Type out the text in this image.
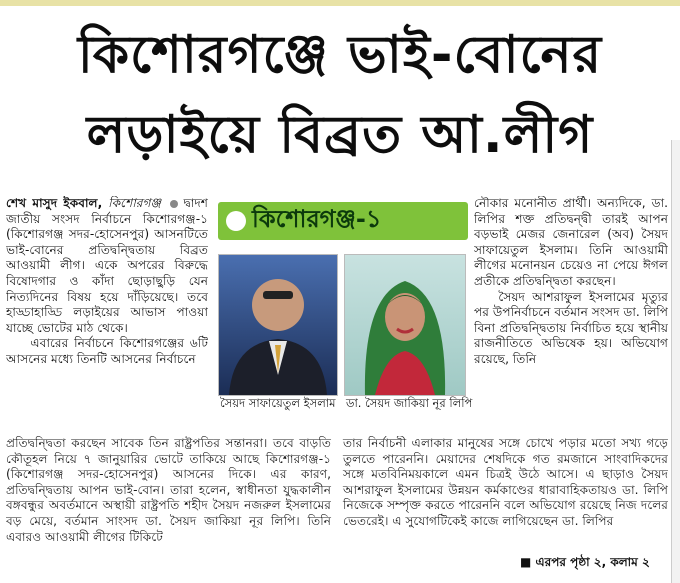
কিশোরগঞ্জে ভাই-বোনের
লড়াইয়ে বিব্রত আ.লীগ

শেখ মাসুদ ইকবাল, কিশোরগঞ্জ দ্বাদশ জাতীয় সংসদ নির্বাচনে কিশোরগঞ্জ-১ (কিশোরগঞ্জ সদর-হোসেনপুর) আসনটিতে ভাই-বোনের প্রতিদ্বন্দ্বিতায় বিব্রত আওয়ামী লীগ। একে অপরের বিরুদ্ধে বিষোদগার ও কাঁদা ছোড়াছুড়ি যেন নিত্যদিনের বিষয় হয়ে দাঁড়িয়েছে। তবে হাড্ডাহাড্ডি লড়াইয়ের আভাস পাওয়া যাচ্ছে ভোটের মাঠ থেকে।

এবারের নির্বাচনে কিশোরগঞ্জের ৬টি আসনের মধ্যে তিনটি আসনের নির্বাচনে

কিশোরগঞ্জ-১
সৈয়দ সাফায়েতুল ইসলাম ডা. সৈয়দ জাকিয়া নূর লিপি

নৌকার মনোনীত প্রার্থী। অন্যদিকে, ডা. লিপির শক্ত প্রতিদ্বন্দ্বী তারই আপন বড়ভাই মেজর জেনারেল (অব) সৈয়দ সাফায়েতুল ইসলাম। তিনি আওয়ামী লীগের মনোনয়ন চেয়েও না পেয়ে ঈগল প্রতীকে প্রতিদ্বন্দ্বিতা করছেন।

সৈয়দ আশরাফুল ইসলামের মৃত্যুর পর উপনির্বাচনে বর্তমান সংসদ ডা. লিপি বিনা প্রতিদ্বন্দ্বিতায় নির্বাচিত হয়ে স্থানীয় রাজনীতিতে অভিষেক হয়। অভিযোগ রয়েছে, তিনি

প্রতিদ্বন্দ্বিতা করছেন সাবেক তিন রাষ্ট্রপতির সন্তানরা। তবে বাড়তি কৌতূহল নিয়ে ৭ জানুয়ারির ভোটে তাকিয়ে আছে কিশোরগঞ্জ-১ (কিশোরগঞ্জ সদর-হোসেনপুর) আসনের দিকে। এর কারণ, প্রতিদ্বন্দ্বিতায় আপন ভাই-বোন। তারা হলেন, স্বাধীনতা যুদ্ধকালীন বঙ্গবন্ধুর অবর্তমানে অস্থায়ী রাষ্ট্রপতি শহীদ সৈয়দ নজরুল ইসলামের বড় মেয়ে, বর্তমান সাংসদ ডা. সৈয়দ জাকিয়া নূর লিপি। তিনি এবারও আওয়ামী লীগের টিকিটে

তার নির্বাচনী এলাকার মানুষের সঙ্গে চোখে পড়ার মতো সখ্য গড়ে তুলতে পারেননি। মেয়াদের শেষদিকে গত রমজানে সাংবাদিকদের সঙ্গে মতবিনিময়কালে এমন চিত্রই উঠে আসে। এ ছাড়াও সৈয়দ আশরাফুল ইসলামের উন্নয়ন কর্মকাণ্ডের ধারাবাহিকতায়ও ডা. লিপি নিজেকে সম্পৃক্ত করতে পারেননি বলে অভিযোগ রয়েছে নিজ দলের ভেতরেই। এ সুযোগটিকেই কাজে লাগিয়েছেন ডা. লিপির

■ এরপর পৃষ্ঠা ২, কলাম ২
